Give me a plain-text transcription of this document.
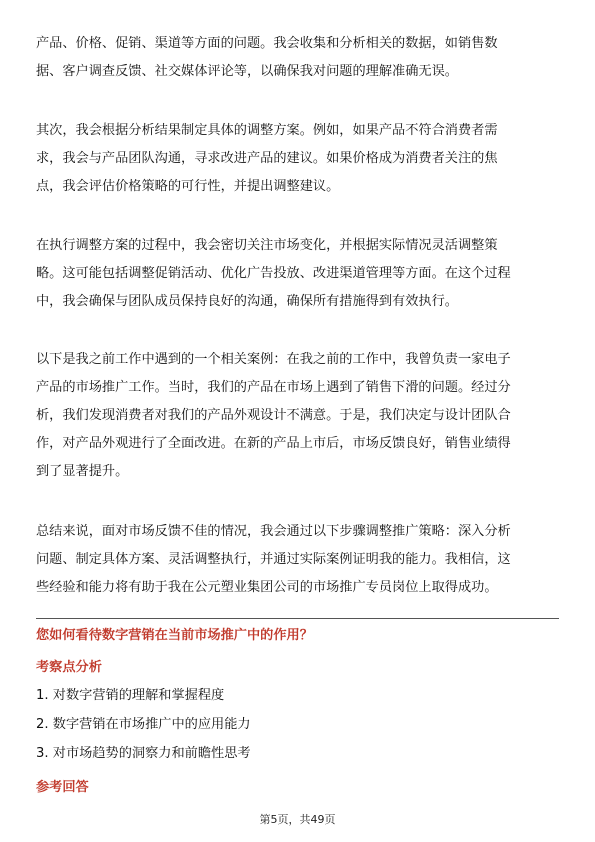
产品、价格、促销、渠道等方面的问题。我会收集和分析相关的数据，如销售数
据、客户调查反馈、社交媒体评论等，以确保我对问题的理解准确无误。

其次，我会根据分析结果制定具体的调整方案。例如，如果产品不符合消费者需
求，我会与产品团队沟通，寻求改进产品的建议。如果价格成为消费者关注的焦
点，我会评估价格策略的可行性，并提出调整建议。

在执行调整方案的过程中，我会密切关注市场变化，并根据实际情况灵活调整策
略。这可能包括调整促销活动、优化广告投放、改进渠道管理等方面。在这个过程
中，我会确保与团队成员保持良好的沟通，确保所有措施得到有效执行。

以下是我之前工作中遇到的一个相关案例：在我之前的工作中，我曾负责一家电子
产品的市场推广工作。当时，我们的产品在市场上遇到了销售下滑的问题。经过分
析，我们发现消费者对我们的产品外观设计不满意。于是，我们决定与设计团队合
作，对产品外观进行了全面改进。在新的产品上市后，市场反馈良好，销售业绩得
到了显著提升。

总结来说，面对市场反馈不佳的情况，我会通过以下步骤调整推广策略：深入分析
问题、制定具体方案、灵活调整执行，并通过实际案例证明我的能力。我相信，这
些经验和能力将有助于我在公元塑业集团公司的市场推广专员岗位上取得成功。

您如何看待数字营销在当前市场推广中的作用？

考察点分析

1. 对数字营销的理解和掌握程度

2. 数字营销在市场推广中的应用能力

3. 对市场趋势的洞察力和前瞻性思考

参考回答

第5页，共49页
